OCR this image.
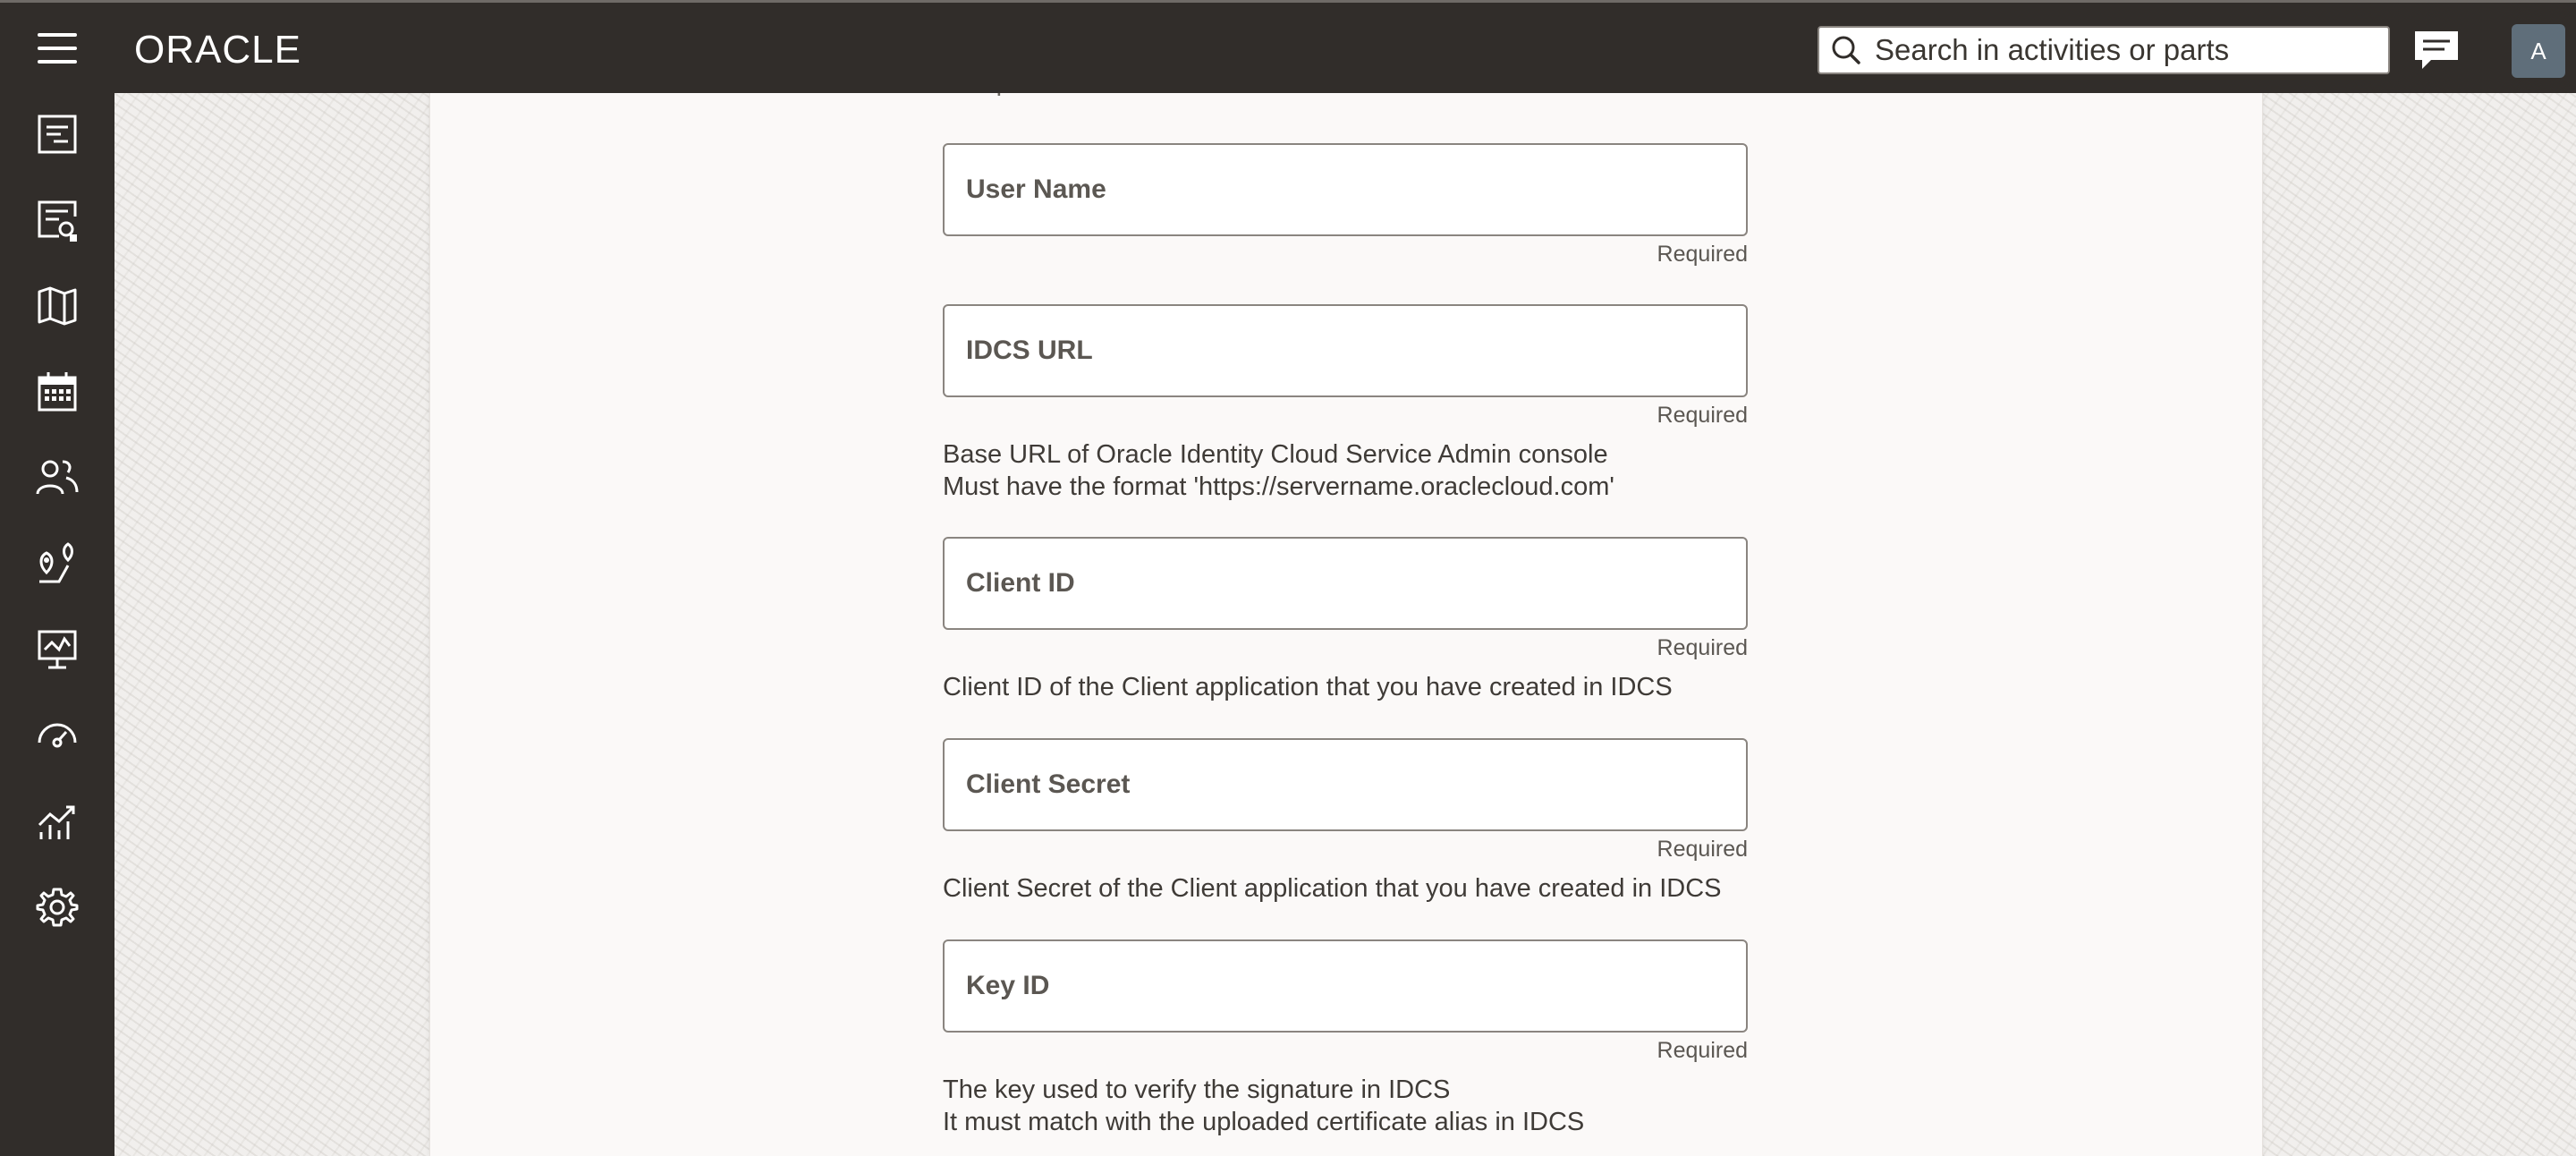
User Name
Required
IDCS URL
Required
Base URL of Oracle Identity Cloud Service Admin console
Must have the format 'https://servername.oraclecloud.com'
Client ID
Required
Client ID of the Client application that you have created in IDCS
Client Secret
Required
Client Secret of the Client application that you have created in IDCS
Key ID
Required
The key used to verify the signature in IDCS
It must match with the uploaded certificate alias in IDCS
ORACLE	Search in activities or parts	A
